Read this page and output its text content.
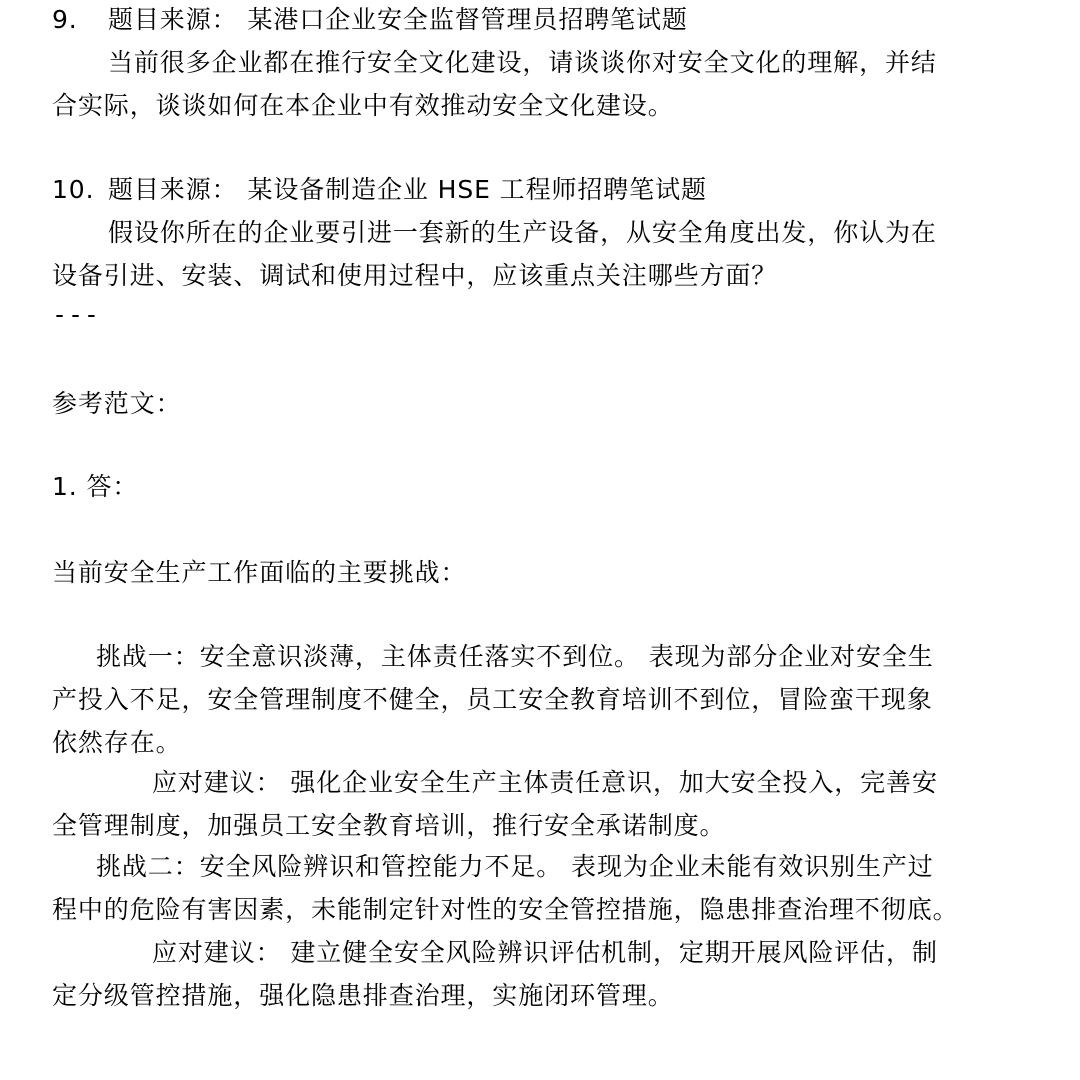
9. 题目来源： 某港口企业安全监督管理员招聘笔试题
当前很多企业都在推行安全文化建设，请谈谈你对安全文化的理解，并结
合实际，谈谈如何在本企业中有效推动安全文化建设。
10. 题目来源： 某设备制造企业 HSE 工程师招聘笔试题
假设你所在的企业要引进一套新的生产设备，从安全角度出发，你认为在
设备引进、安装、调试和使用过程中，应该重点关注哪些方面？
---
参考范文：
1. 答：
当前安全生产工作面临的主要挑战：
挑战一：安全意识淡薄，主体责任落实不到位。 表现为部分企业对安全生
产投入不足，安全管理制度不健全，员工安全教育培训不到位，冒险蛮干现象
依然存在。
应对建议： 强化企业安全生产主体责任意识，加大安全投入，完善安
全管理制度，加强员工安全教育培训，推行安全承诺制度。
挑战二：安全风险辨识和管控能力不足。 表现为企业未能有效识别生产过
程中的危险有害因素，未能制定针对性的安全管控措施，隐患排查治理不彻底。
应对建议： 建立健全安全风险辨识评估机制，定期开展风险评估，制
定分级管控措施，强化隐患排查治理，实施闭环管理。
